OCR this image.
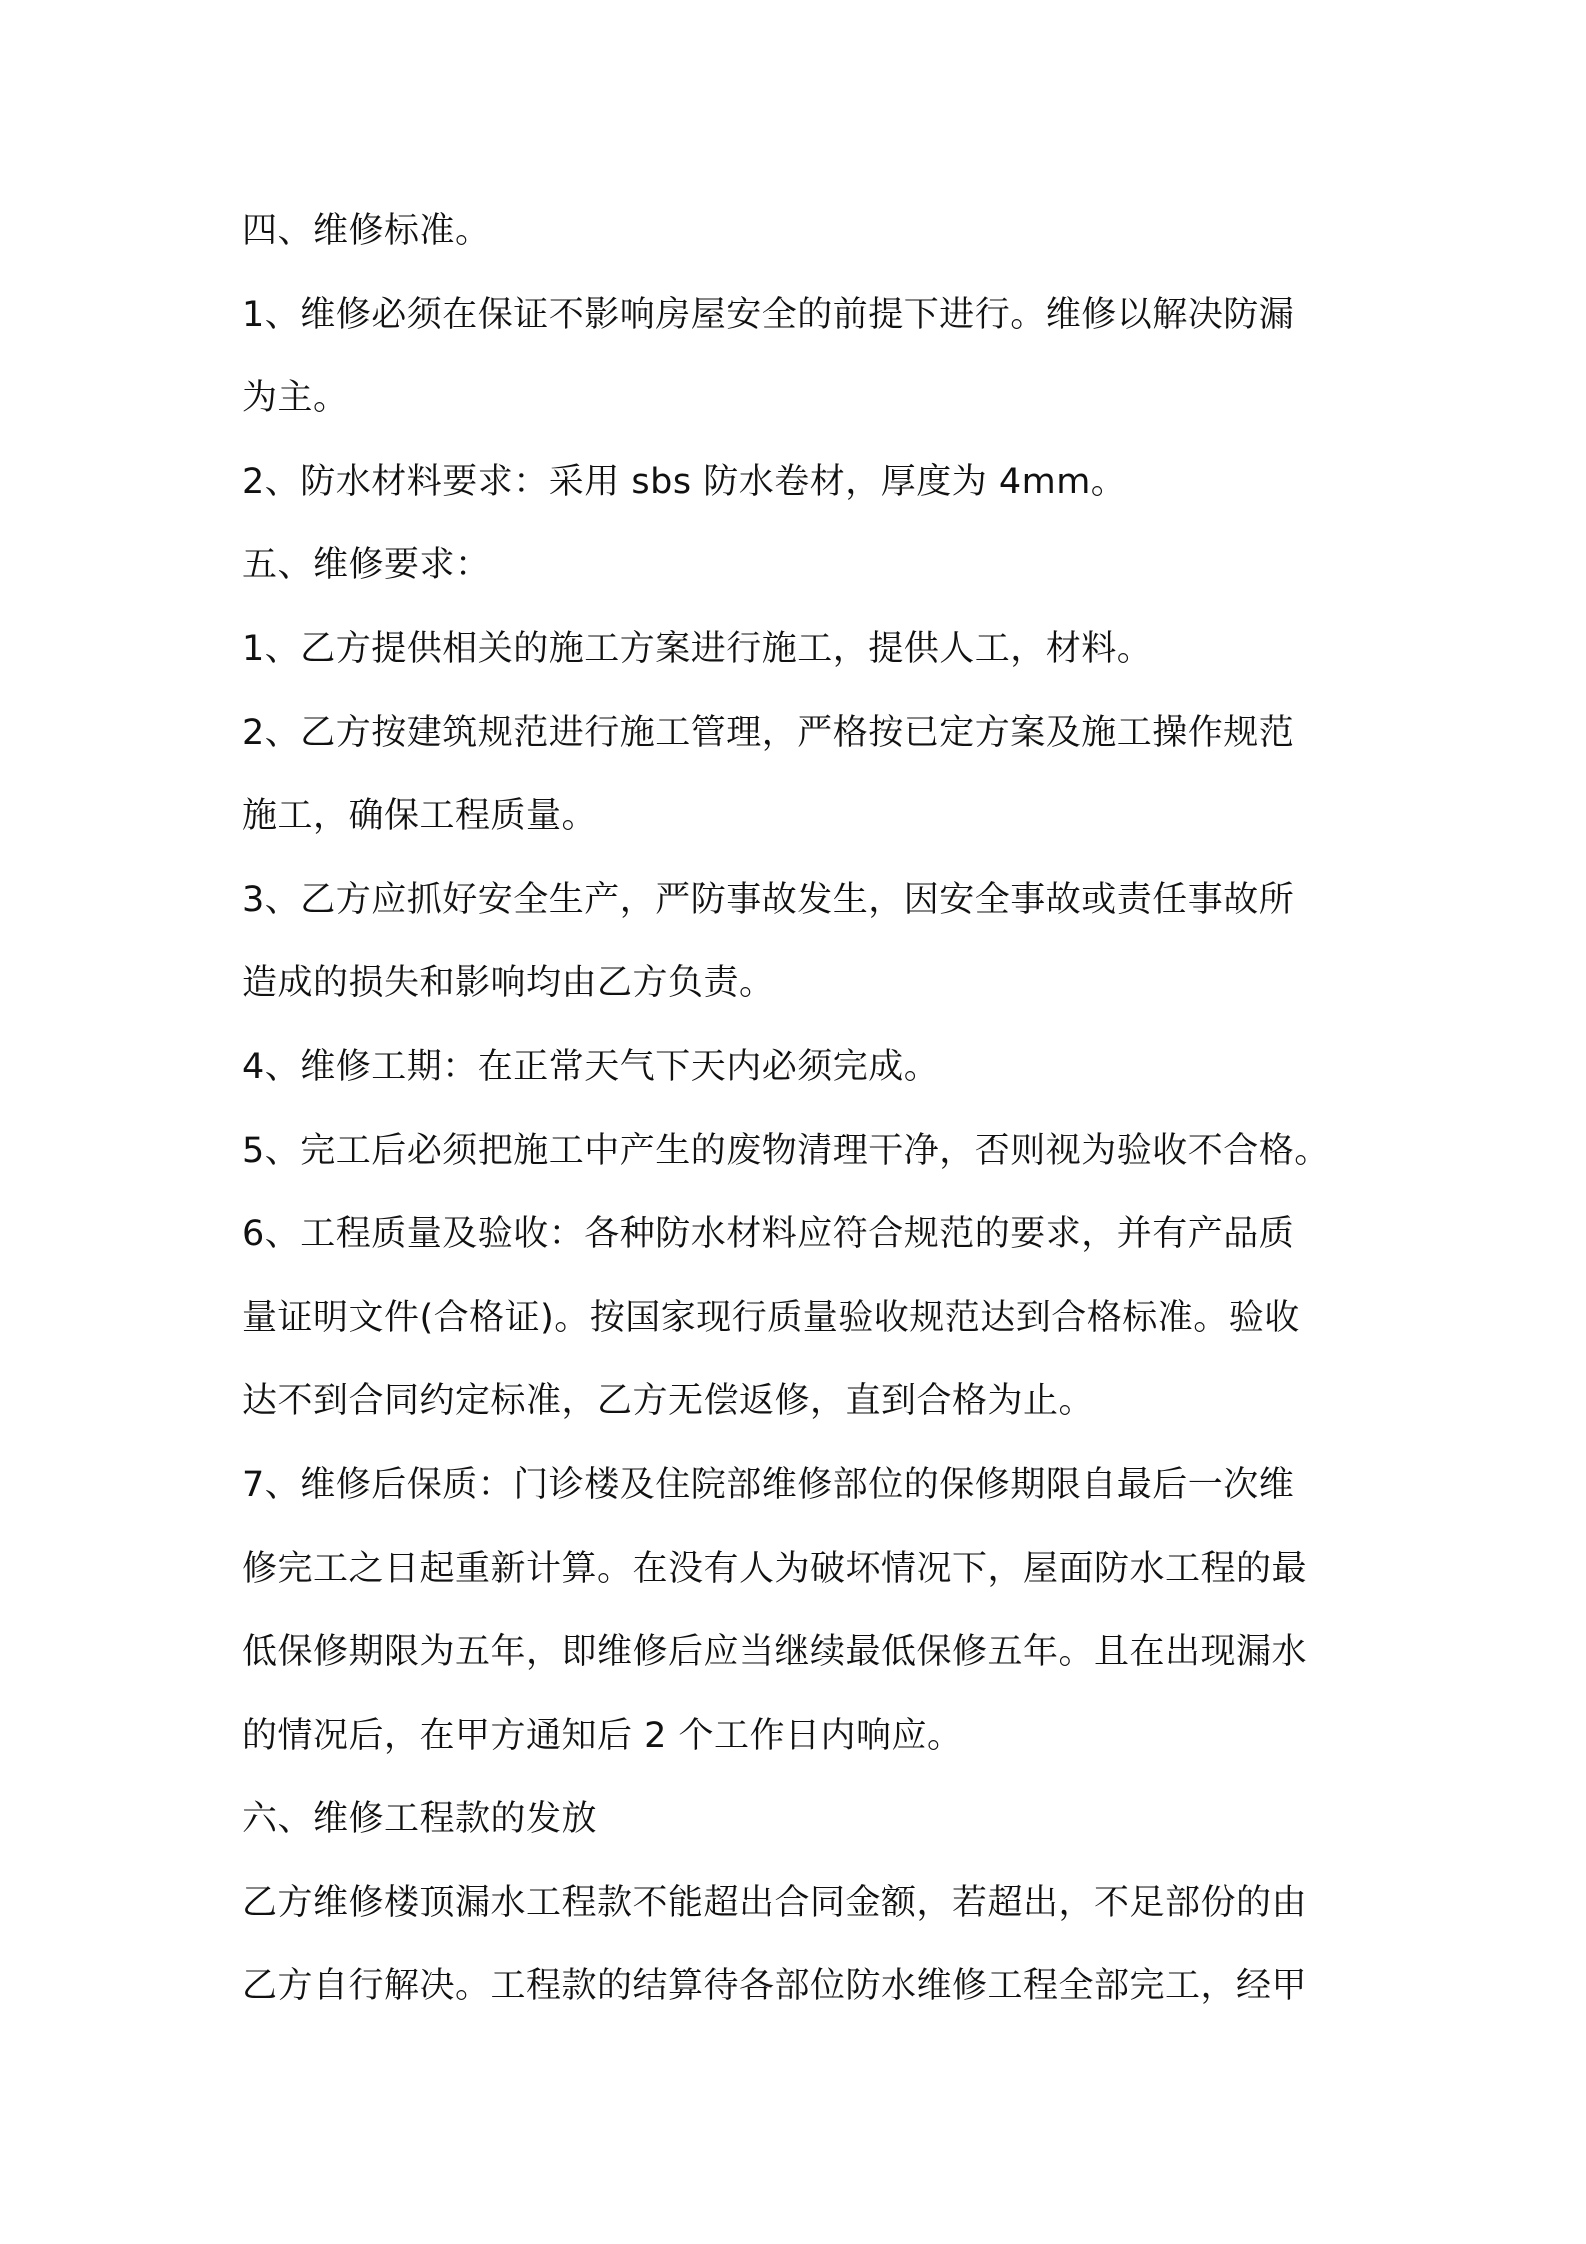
四、维修标准。
1、维修必须在保证不影响房屋安全的前提下进行。维修以解决防漏
为主。
2、防水材料要求：采用 sbs 防水卷材，厚度为 4mm。
五、维修要求：
1、乙方提供相关的施工方案进行施工，提供人工，材料。
2、乙方按建筑规范进行施工管理，严格按已定方案及施工操作规范
施工，确保工程质量。
3、乙方应抓好安全生产，严防事故发生，因安全事故或责任事故所
造成的损失和影响均由乙方负责。
4、维修工期：在正常天气下天内必须完成。
5、完工后必须把施工中产生的废物清理干净，否则视为验收不合格。
6、工程质量及验收：各种防水材料应符合规范的要求，并有产品质
量证明文件(合格证)。按国家现行质量验收规范达到合格标准。验收
达不到合同约定标准，乙方无偿返修，直到合格为止。
7、维修后保质：门诊楼及住院部维修部位的保修期限自最后一次维
修完工之日起重新计算。在没有人为破坏情况下，屋面防水工程的最
低保修期限为五年，即维修后应当继续最低保修五年。且在出现漏水
的情况后，在甲方通知后 2 个工作日内响应。
六、维修工程款的发放
乙方维修楼顶漏水工程款不能超出合同金额，若超出，不足部份的由
乙方自行解决。工程款的结算待各部位防水维修工程全部完工，经甲
